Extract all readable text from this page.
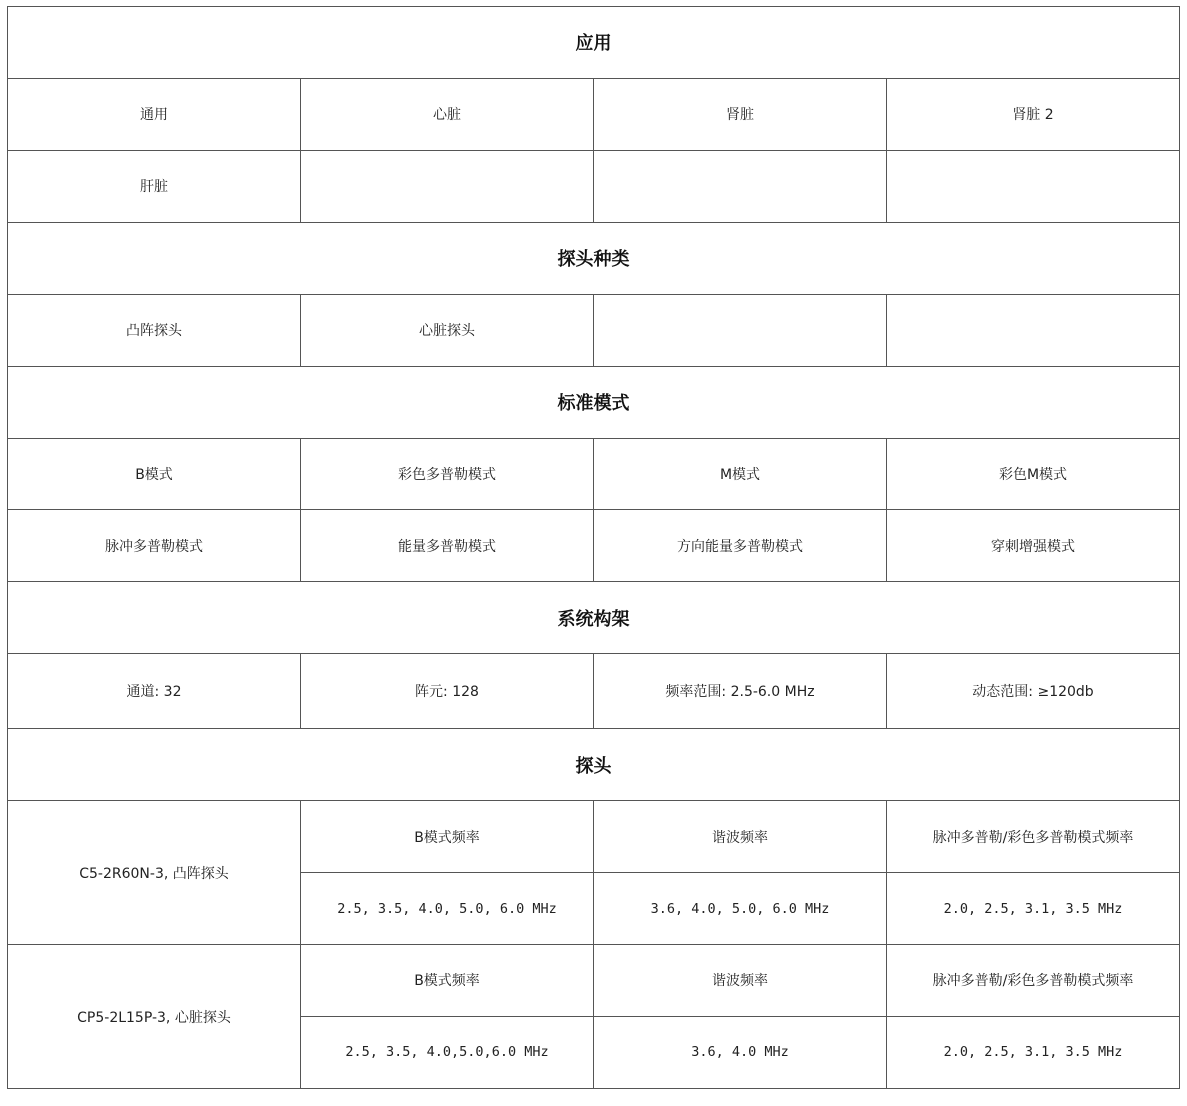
应用			
通用	心脏	肾脏	肾脏 2
肝脏			
探头种类			
凸阵探头	心脏探头		
标准模式			
B模式	彩色多普勒模式	M模式	彩色M模式
脉冲多普勒模式	能量多普勒模式	方向能量多普勒模式	穿刺增强模式
系统构架			
通道: 32	阵元: 128	频率范围: 2.5-6.0 MHz	动态范围: ≥120db
探头			
C5-2R60N-3, 凸阵探头	B模式频率	谐波频率	脉冲多普勒/彩色多普勒模式频率
	2.5, 3.5, 4.0, 5.0, 6.0 MHz	3.6, 4.0, 5.0, 6.0 MHz	2.0, 2.5, 3.1, 3.5 MHz
CP5-2L15P-3, 心脏探头	B模式频率	谐波频率	脉冲多普勒/彩色多普勒模式频率
	2.5, 3.5, 4.0,5.0,6.0 MHz	3.6, 4.0 MHz	2.0, 2.5, 3.1, 3.5 MHz
